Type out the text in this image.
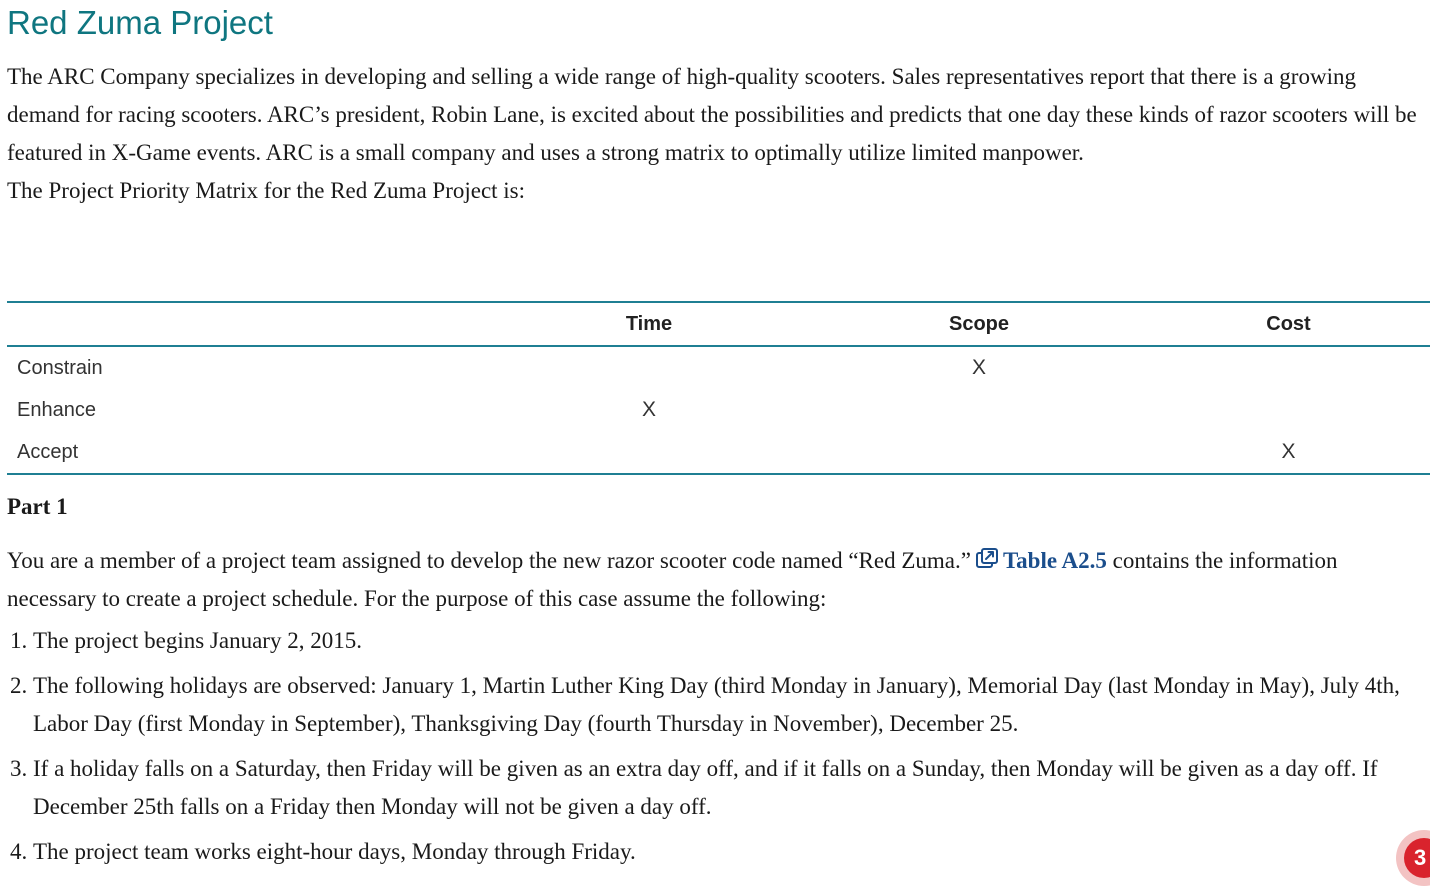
Red Zuma Project

The ARC Company specializes in developing and selling a wide range of high-quality scooters. Sales representatives report that there is a growing demand for racing scooters. ARC’s president, Robin Lane, is excited about the possibilities and predicts that one day these kinds of razor scooters will be featured in X-Game events. ARC is a small company and uses a strong matrix to optimally utilize limited manpower.

The Project Priority Matrix for the Red Zuma Project is:

	Time	Scope	Cost
Constrain		X	
Enhance	X		
Accept			X

Part 1

You are a member of a project team assigned to develop the new razor scooter code named “Red Zuma.” Table A2.5 contains the information necessary to create a project schedule. For the purpose of this case assume the following:

1. The project begins January 2, 2015.
2. The following holidays are observed: January 1, Martin Luther King Day (third Monday in January), Memorial Day (last Monday in May), July 4th, Labor Day (first Monday in September), Thanksgiving Day (fourth Thursday in November), December 25.
3. If a holiday falls on a Saturday, then Friday will be given as an extra day off, and if it falls on a Sunday, then Monday will be given as a day off. If December 25th falls on a Friday then Monday will not be given a day off.
4. The project team works eight-hour days, Monday through Friday.	3
